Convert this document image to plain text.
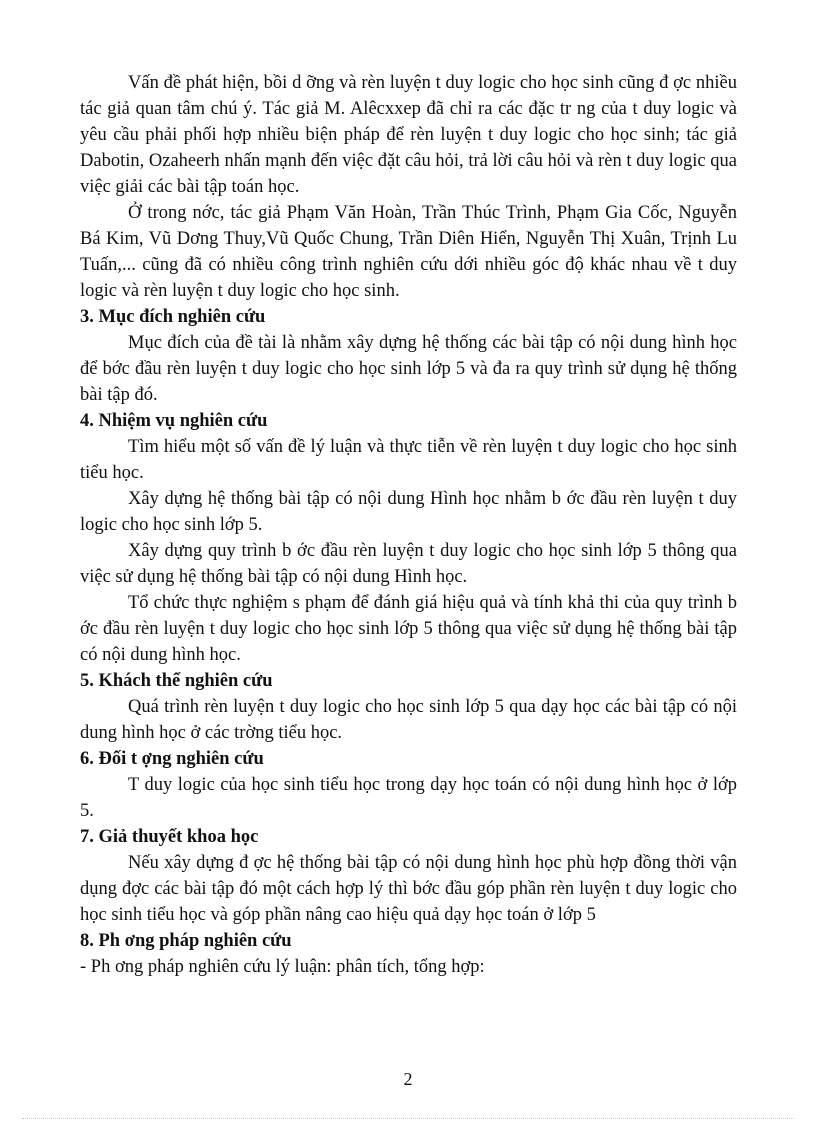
Vấn đề phát hiện, bồi d ỡng và rèn luyện t duy logic cho học sinh cũng đ ợc nhiều tác giả quan tâm chú ý. Tác giả M. Alêcxxep đã chỉ ra các đặc tr ng của t duy logic và yêu cầu phải phối hợp nhiều biện pháp để rèn luyện t duy logic cho học sinh; tác giả Dabotin, Ozaheerh nhấn mạnh đến việc đặt câu hỏi, trả lời câu hỏi và rèn t duy logic qua việc giải các bài tập toán học.

Ở trong nớc, tác giả Phạm Văn Hoàn, Trần Thúc Trình, Phạm Gia Cốc, Nguyễn Bá Kim, Vũ Dơng Thuy,Vũ Quốc Chung, Trần Diên Hiển, Nguyễn Thị Xuân, Trịnh Lu Tuấn,... cũng đã có nhiều công trình nghiên cứu dới nhiều góc độ khác nhau về t duy logic và rèn luyện t duy logic cho học sinh.

3. Mục đích nghiên cứu

Mục đích của đề tài là nhằm xây dựng hệ thống các bài tập có nội dung hình học để bớc đầu rèn luyện t duy logic cho học sinh lớp 5 và đa ra quy trình sử dụng hệ thống bài tập đó.

4. Nhiệm vụ nghiên cứu

Tìm hiểu một số vấn đề lý luận và thực tiễn về rèn luyện t duy logic cho học sinh tiểu học.

Xây dựng hệ thống bài tập có nội dung Hình học nhằm b ớc đầu rèn luyện t duy logic cho học sinh lớp 5.

Xây dựng quy trình b ớc đầu rèn luyện t duy logic cho học sinh lớp 5 thông qua việc sử dụng hệ thống bài tập có nội dung Hình học.

Tổ chức thực nghiệm s phạm để đánh giá hiệu quả và tính khả thi của quy trình b ớc đầu rèn luyện t duy logic cho học sinh lớp 5 thông qua việc sử dụng hệ thống bài tập có nội dung hình học.

5. Khách thể nghiên cứu

Quá trình rèn luyện t duy logic cho học sinh lớp 5 qua dạy học các bài tập có nội dung hình học ở các trờng tiểu học.

6. Đối t ợng nghiên cứu

T duy logic của học sinh tiểu học trong dạy học toán có nội dung hình học ở lớp 5.

7. Giả thuyết khoa học

Nếu xây dựng đ ợc hệ thống bài tập có nội dung hình học phù hợp đồng thời vận dụng đợc các bài tập đó một cách hợp lý thì bớc đầu góp phần rèn luyện t duy logic cho học sinh tiểu học và góp phần nâng cao hiệu quả dạy học toán ở lớp 5

8. Ph ơng pháp nghiên cứu

- Ph ơng pháp nghiên cứu lý luận: phân tích, tổng hợp:

2
